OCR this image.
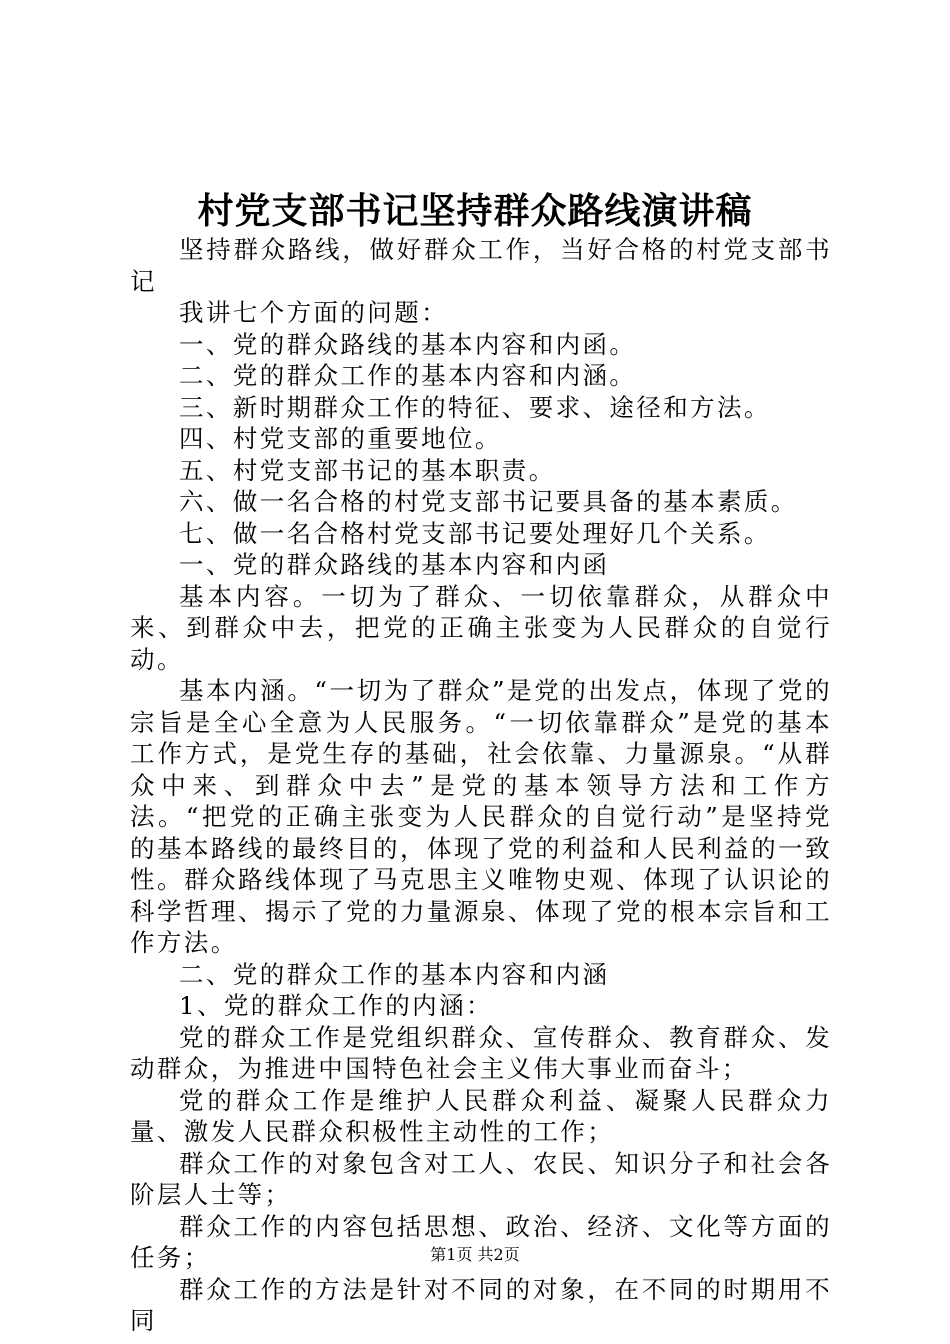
村党支部书记坚持群众路线演讲稿

坚持群众路线，做好群众工作，当好合格的村党支部书记

我讲七个方面的问题：

一、党的群众路线的基本内容和内函。

二、党的群众工作的基本内容和内涵。

三、新时期群众工作的特征、要求、途径和方法。

四、村党支部的重要地位。

五、村党支部书记的基本职责。

六、做一名合格的村党支部书记要具备的基本素质。

七、做一名合格村党支部书记要处理好几个关系。

一、党的群众路线的基本内容和内函

基本内容。一切为了群众、一切依靠群众，从群众中来、到群众中去，把党的正确主张变为人民群众的自觉行动。

基本内涵。“一切为了群众”是党的出发点，体现了党的宗旨是全心全意为人民服务。“一切依靠群众”是党的基本工作方式，是党生存的基础，社会依靠、力量源泉。“从群众中来、到群众中去”是党的基本领导方法和工作方法。“把党的正确主张变为人民群众的自觉行动”是坚持党的基本路线的最终目的，体现了党的利益和人民利益的一致性。群众路线体现了马克思主义唯物史观、体现了认识论的科学哲理、揭示了党的力量源泉、体现了党的根本宗旨和工作方法。

二、党的群众工作的基本内容和内涵

1、党的群众工作的内涵：

党的群众工作是党组织群众、宣传群众、教育群众、发动群众，为推进中国特色社会主义伟大事业而奋斗；

党的群众工作是维护人民群众利益、凝聚人民群众力量、激发人民群众积极性主动性的工作；

群众工作的对象包含对工人、农民、知识分子和社会各阶层人士等；

群众工作的内容包括思想、政治、经济、文化等方面的任务；

群众工作的方法是针对不同的对象，在不同的时期用不同

第1页 共2页
